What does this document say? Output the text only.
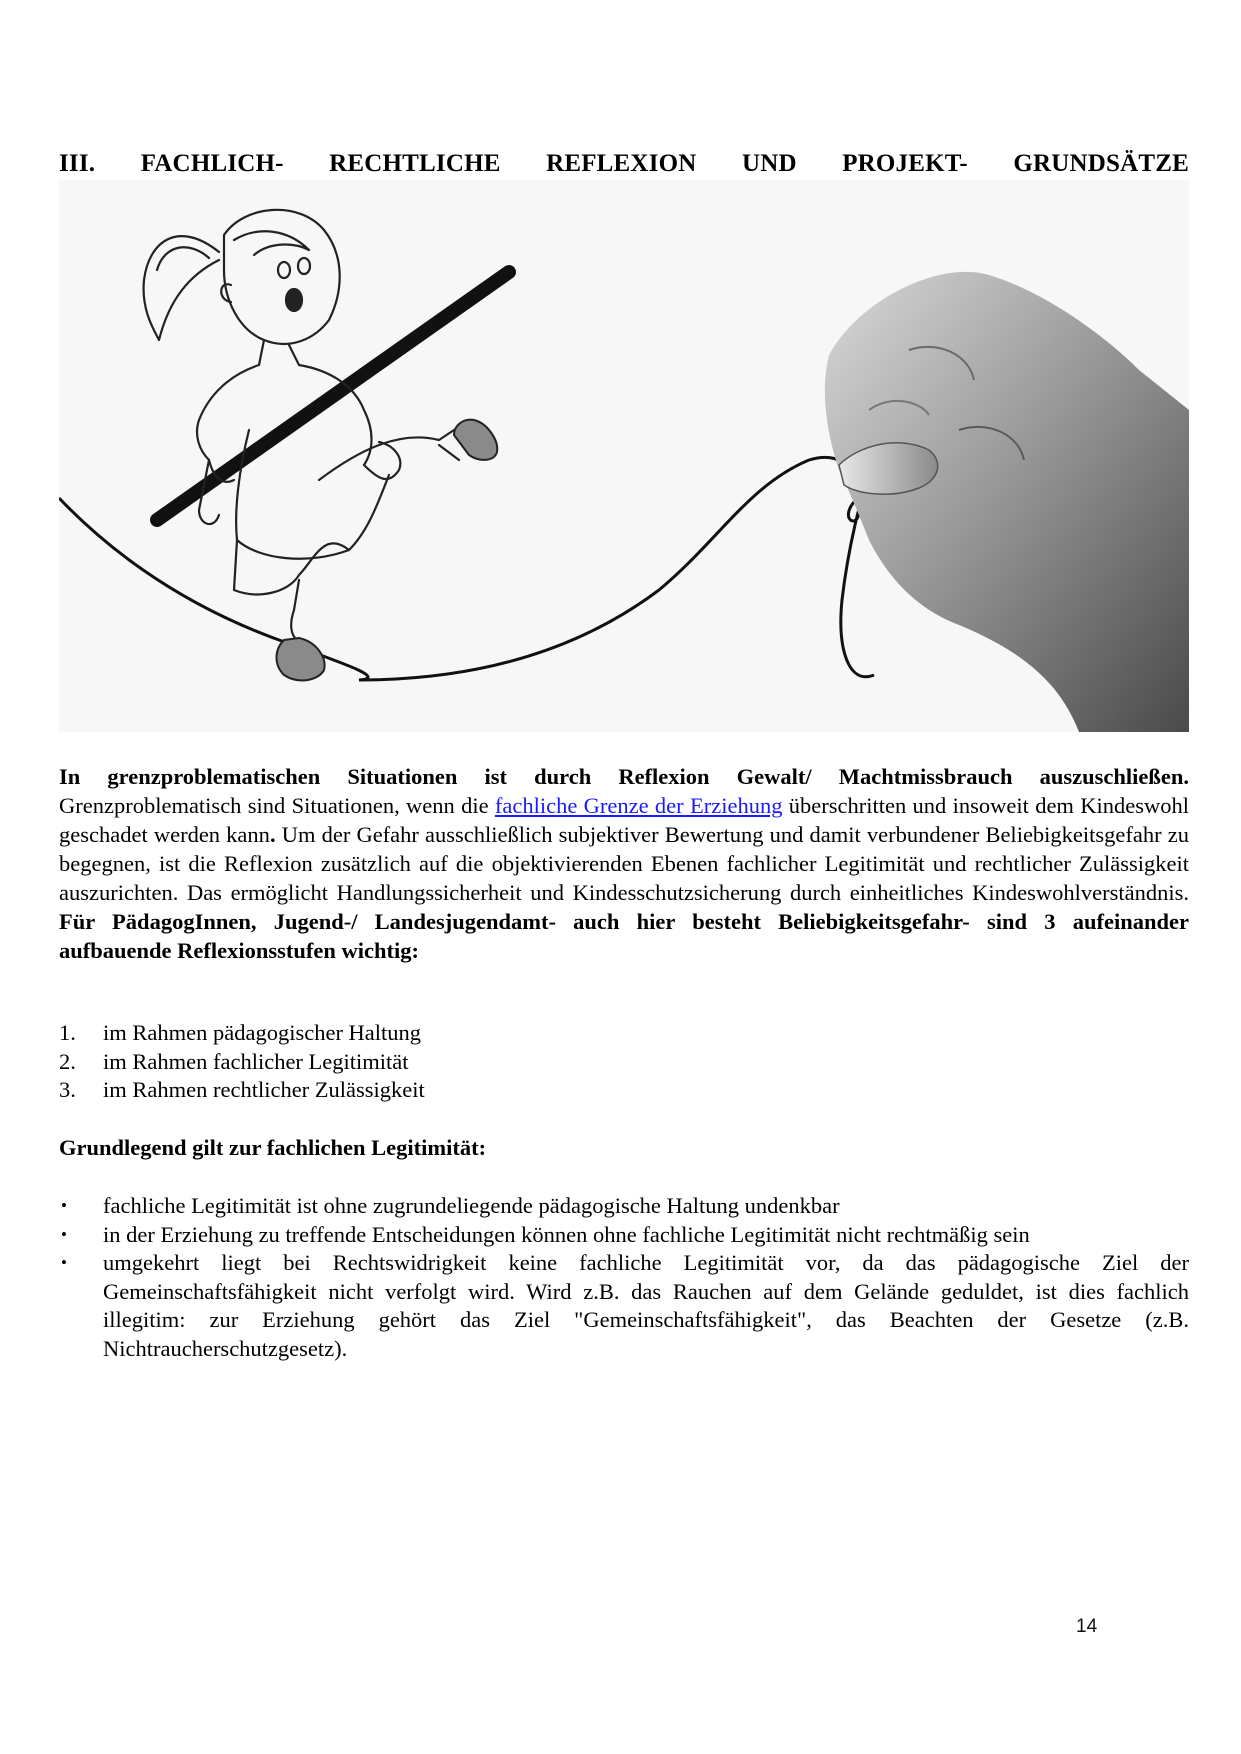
III. FACHLICH- RECHTLICHE REFLEXION UND PROJEKT- GRUNDSÄTZE

In grenzproblematischen Situationen ist durch Reflexion Gewalt/ Machtmissbrauch auszuschließen. Grenzproblematisch sind Situationen, wenn die fachliche Grenze der Erziehung überschritten und insoweit dem Kindeswohl geschadet werden kann. Um der Gefahr ausschließlich subjektiver Bewertung und damit verbundener Beliebigkeitsgefahr zu begegnen, ist die Reflexion zusätzlich auf die objektivierenden Ebenen fachlicher Legitimität und rechtlicher Zulässigkeit auszurichten. Das ermöglicht Handlungssicherheit und Kindesschutzsicherung durch einheitliches Kindeswohlverständnis. Für PädagogInnen, Jugend-/ Landesjugendamt- auch hier besteht Beliebigkeitsgefahr- sind 3 aufeinander aufbauende Reflexionsstufen wichtig:

1. im Rahmen pädagogischer Haltung
2. im Rahmen fachlicher Legitimität
3. im Rahmen rechtlicher Zulässigkeit

Grundlegend gilt zur fachlichen Legitimität:

• fachliche Legitimität ist ohne zugrundeliegende pädagogische Haltung undenkbar
• in der Erziehung zu treffende Entscheidungen können ohne fachliche Legitimität nicht rechtmäßig sein
• umgekehrt liegt bei Rechtswidrigkeit keine fachliche Legitimität vor, da das pädagogische Ziel der Gemeinschaftsfähigkeit nicht verfolgt wird. Wird z.B. das Rauchen auf dem Gelände geduldet, ist dies fachlich illegitim: zur Erziehung gehört das Ziel "Gemeinschaftsfähigkeit", das Beachten der Gesetze (z.B. Nichtraucherschutzgesetz).
14
